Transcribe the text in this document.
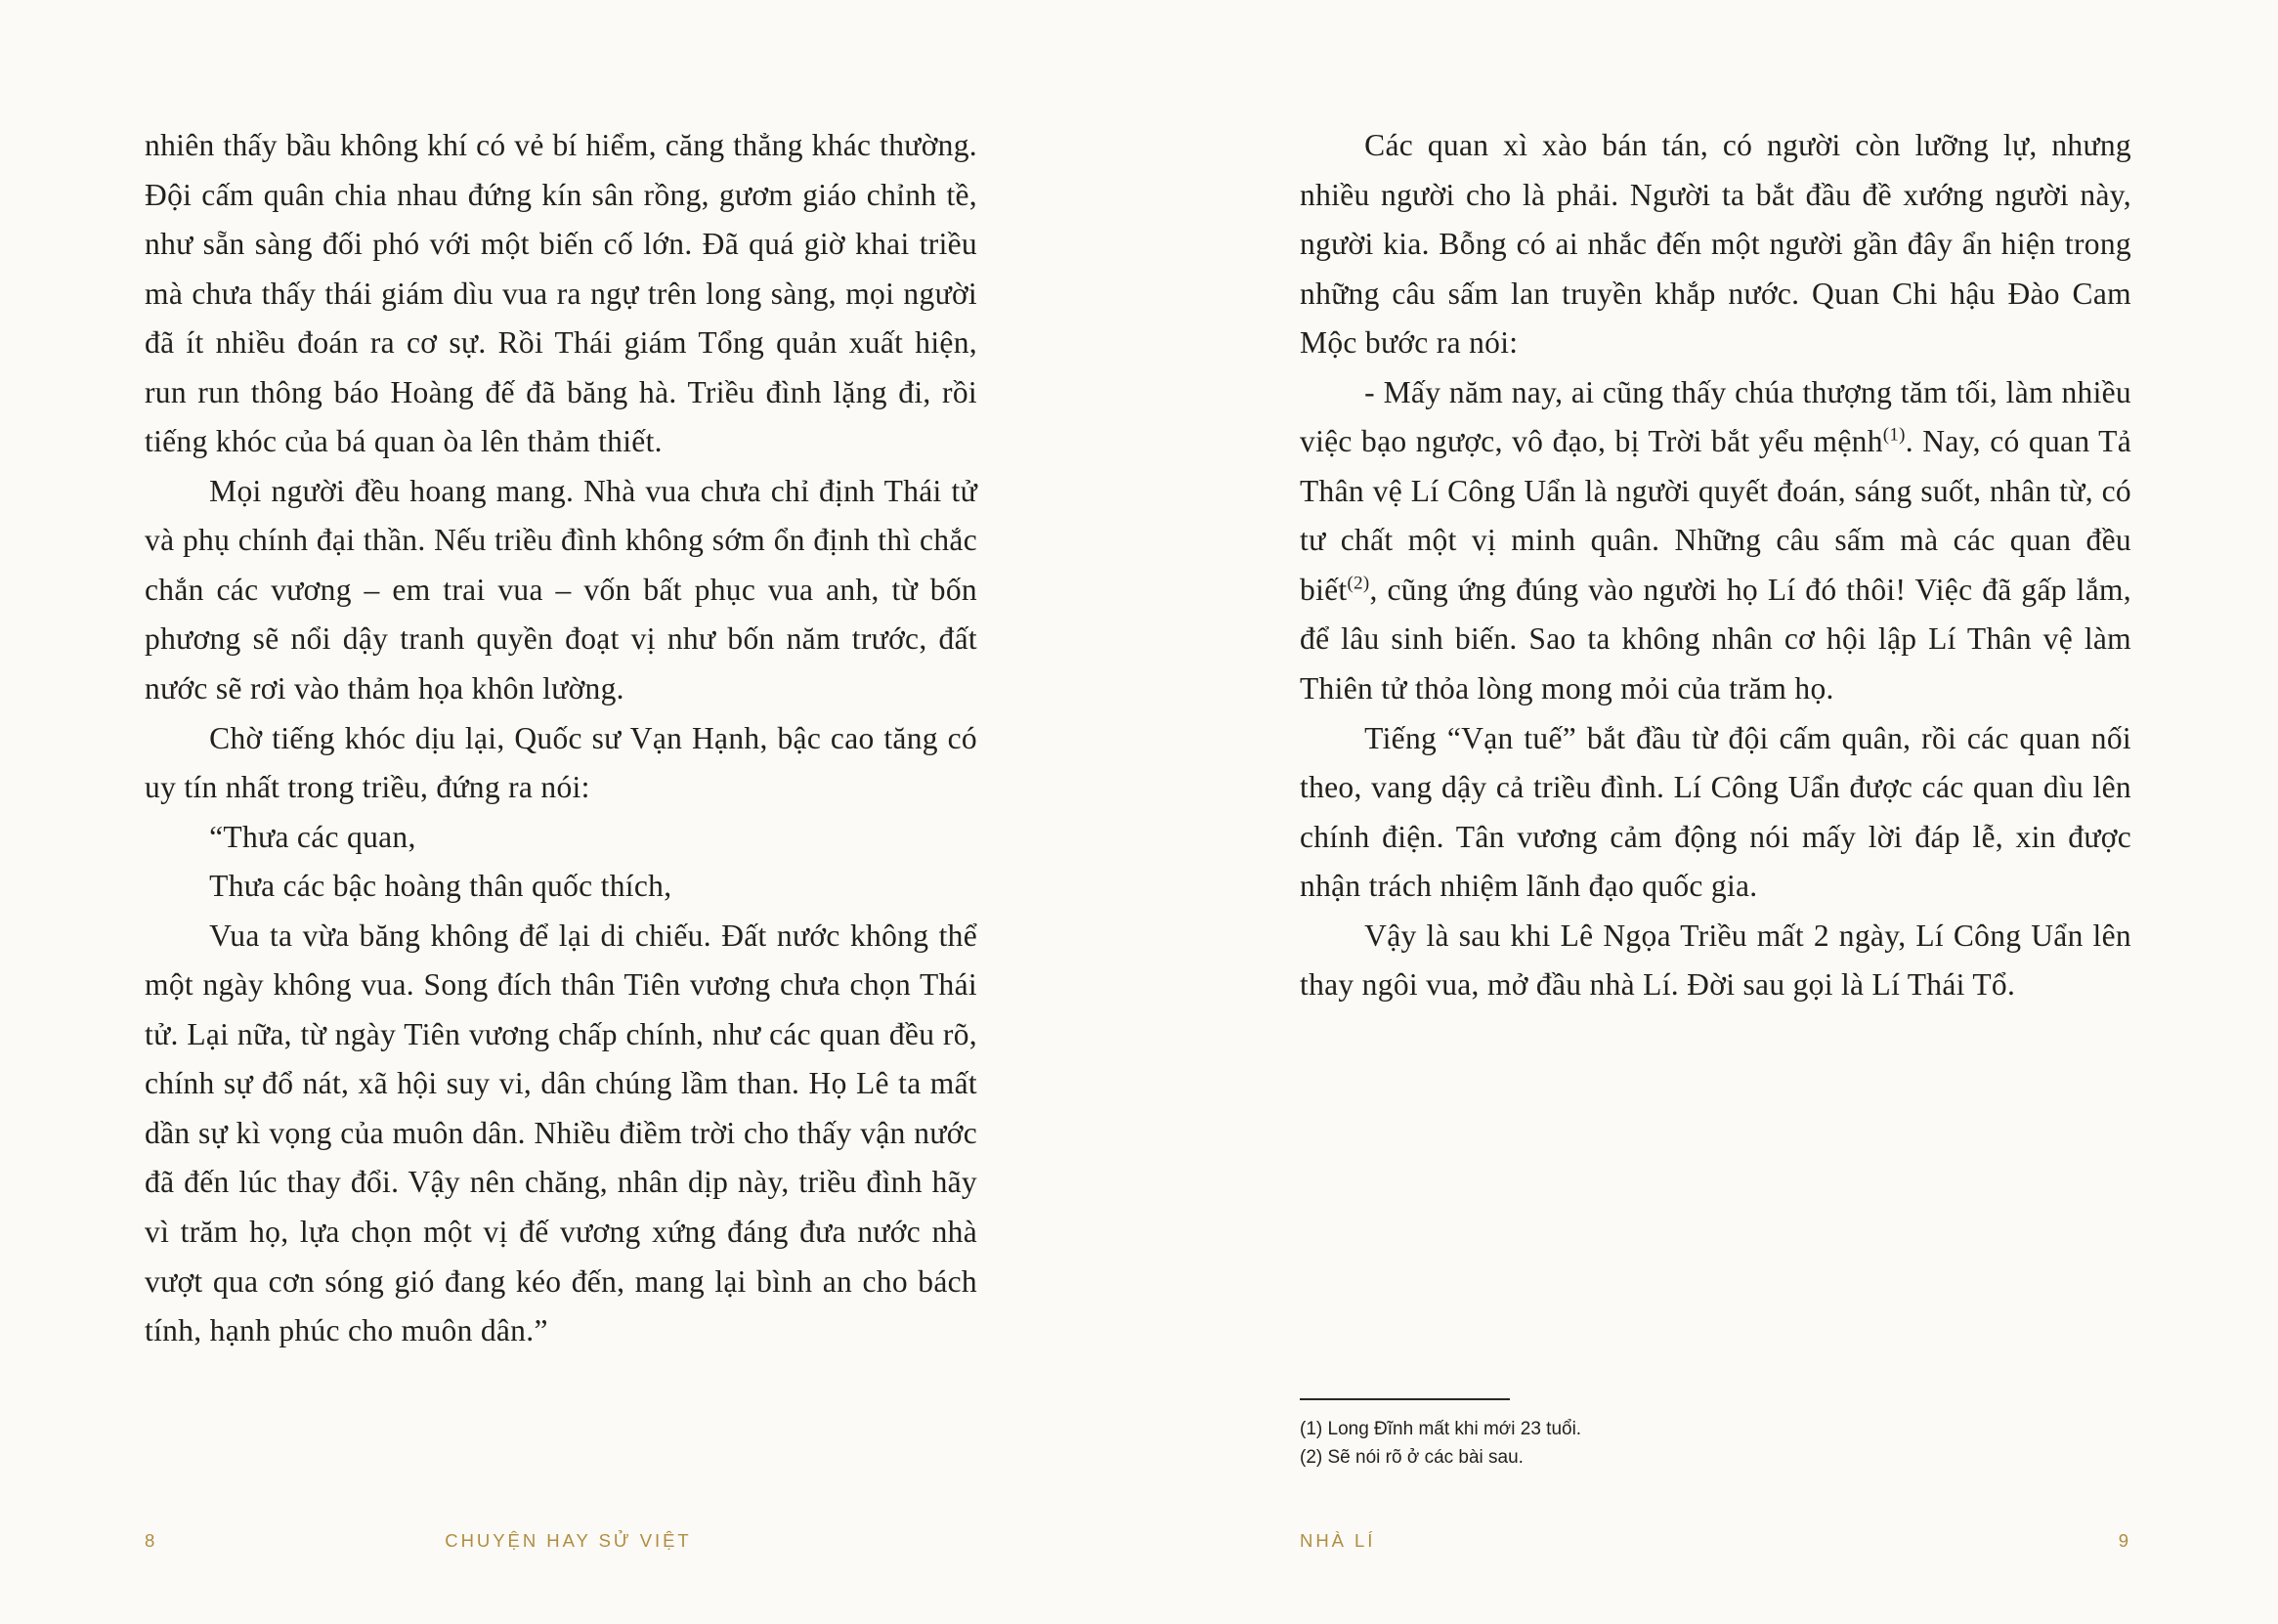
nhiên thấy bầu không khí có vẻ bí hiểm, căng thẳng khác thường. Đội cấm quân chia nhau đứng kín sân rồng, gươm giáo chỉnh tề, như sẵn sàng đối phó với một biến cố lớn. Đã quá giờ khai triều mà chưa thấy thái giám dìu vua ra ngự trên long sàng, mọi người đã ít nhiều đoán ra cơ sự. Rồi Thái giám Tổng quản xuất hiện, run run thông báo Hoàng đế đã băng hà. Triều đình lặng đi, rồi tiếng khóc của bá quan òa lên thảm thiết.

Mọi người đều hoang mang. Nhà vua chưa chỉ định Thái tử và phụ chính đại thần. Nếu triều đình không sớm ổn định thì chắc chắn các vương – em trai vua – vốn bất phục vua anh, từ bốn phương sẽ nổi dậy tranh quyền đoạt vị như bốn năm trước, đất nước sẽ rơi vào thảm họa khôn lường.

Chờ tiếng khóc dịu lại, Quốc sư Vạn Hạnh, bậc cao tăng có uy tín nhất trong triều, đứng ra nói:

“Thưa các quan,

Thưa các bậc hoàng thân quốc thích,

Vua ta vừa băng không để lại di chiếu. Đất nước không thể một ngày không vua. Song đích thân Tiên vương chưa chọn Thái tử. Lại nữa, từ ngày Tiên vương chấp chính, như các quan đều rõ, chính sự đổ nát, xã hội suy vi, dân chúng lầm than. Họ Lê ta mất dần sự kì vọng của muôn dân. Nhiều điềm trời cho thấy vận nước đã đến lúc thay đổi. Vậy nên chăng, nhân dịp này, triều đình hãy vì trăm họ, lựa chọn một vị đế vương xứng đáng đưa nước nhà vượt qua cơn sóng gió đang kéo đến, mang lại bình an cho bách tính, hạnh phúc cho muôn dân.”

8	CHUYỆN HAY SỬ VIỆT

Các quan xì xào bán tán, có người còn lưỡng lự, nhưng nhiều người cho là phải. Người ta bắt đầu đề xướng người này, người kia. Bỗng có ai nhắc đến một người gần đây ẩn hiện trong những câu sấm lan truyền khắp nước. Quan Chi hậu Đào Cam Mộc bước ra nói:

- Mấy năm nay, ai cũng thấy chúa thượng tăm tối, làm nhiều việc bạo ngược, vô đạo, bị Trời bắt yểu mệnh$^{(1)}$. Nay, có quan Tả Thân vệ Lí Công Uẩn là người quyết đoán, sáng suốt, nhân từ, có tư chất một vị minh quân. Những câu sấm mà các quan đều biết$^{(2)}$, cũng ứng đúng vào người họ Lí đó thôi! Việc đã gấp lắm, để lâu sinh biến. Sao ta không nhân cơ hội lập Lí Thân vệ làm Thiên tử thỏa lòng mong mỏi của trăm họ.

Tiếng “Vạn tuế” bắt đầu từ đội cấm quân, rồi các quan nối theo, vang dậy cả triều đình. Lí Công Uẩn được các quan dìu lên chính điện. Tân vương cảm động nói mấy lời đáp lễ, xin được nhận trách nhiệm lãnh đạo quốc gia.

Vậy là sau khi Lê Ngọa Triều mất 2 ngày, Lí Công Uẩn lên thay ngôi vua, mở đầu nhà Lí. Đời sau gọi là Lí Thái Tổ.

(1) Long Đĩnh mất khi mới 23 tuổi.

(2) Sẽ nói rõ ở các bài sau.

NHÀ LÍ	9
